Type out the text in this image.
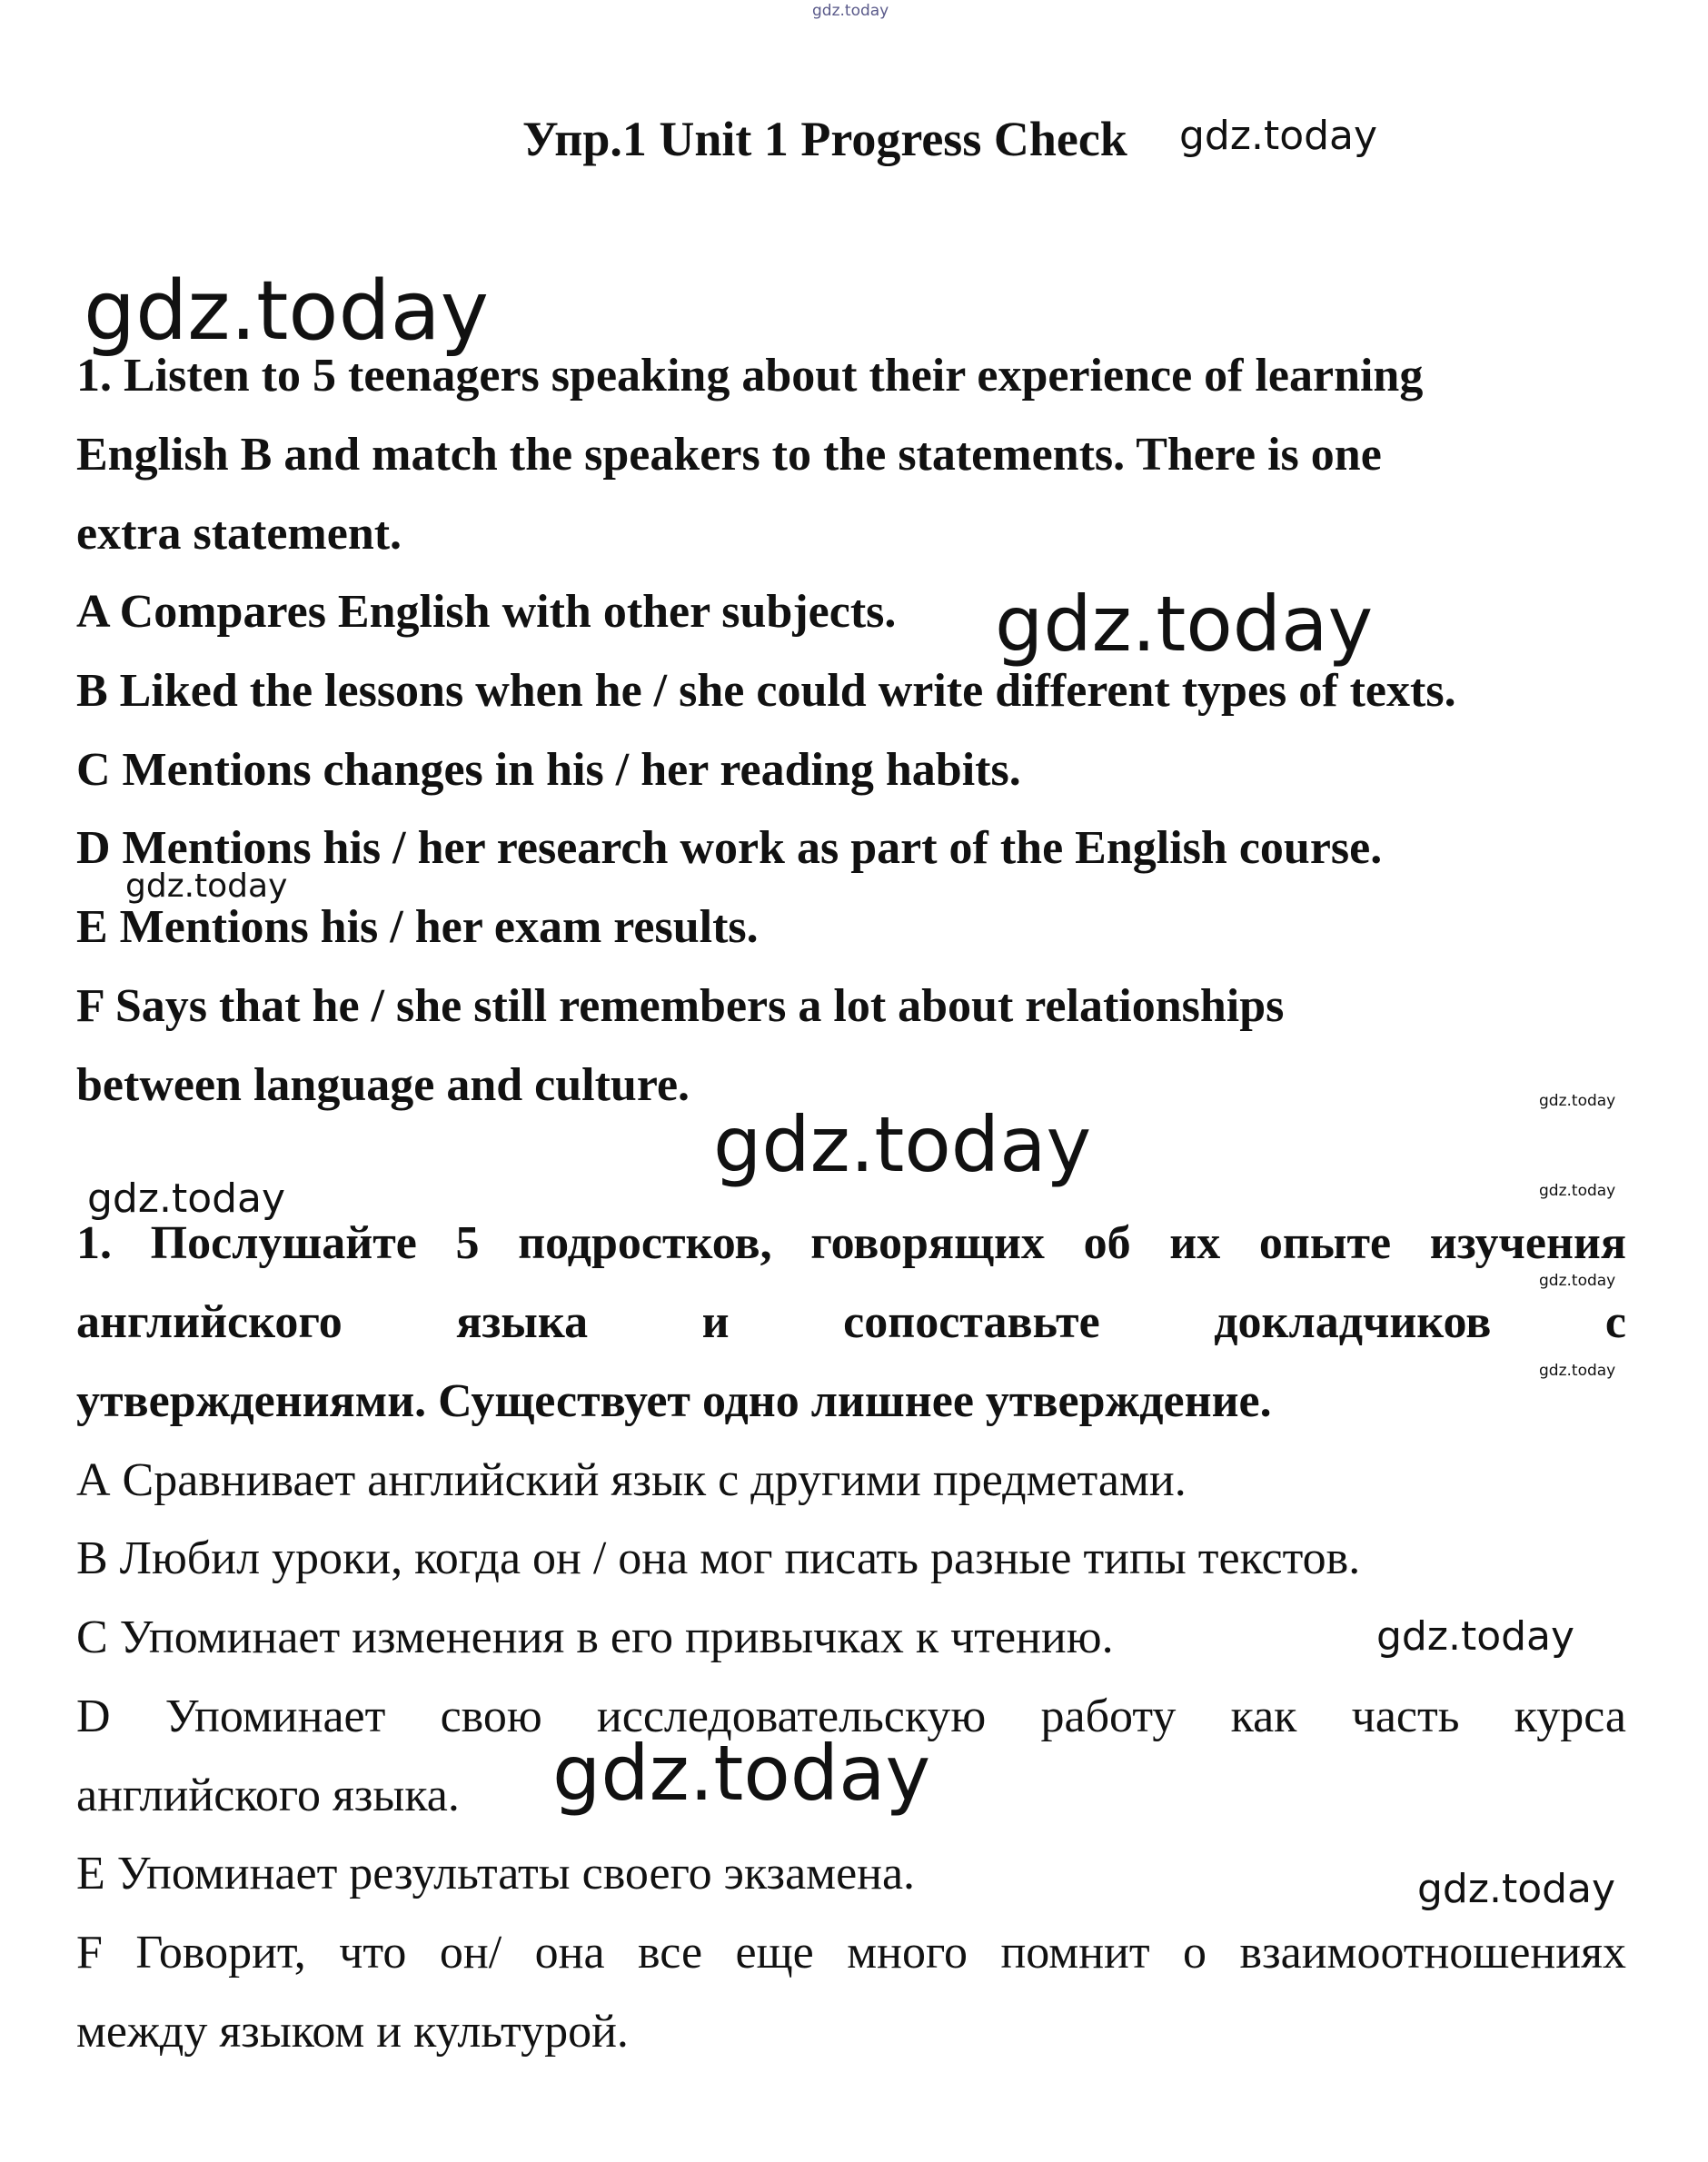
gdz.today
Упр.1 Unit 1 Progress Check gdz.today
gdz.today
1. Listen to 5 teenagers speaking about their experience of learning
English B and match the speakers to the statements. There is one
extra statement.
A Compares English with other subjects. gdz.today
B Liked the lessons when he / she could write different types of texts.
C Mentions changes in his / her reading habits.
D Mentions his / her research work as part of the English course.
gdz.today
E Mentions his / her exam results.
F Says that he / she still remembers a lot about relationships
between language and culture.	gdz.today
gdz.today
gdz.today
gdz.today
gdz.today
gdz.today
1. Послушайте 5 подростков, говорящих об их опыте изучения
английского языка и сопоставьте докладчиков с
утверждениями. Существует одно лишнее утверждение.
А Сравнивает английский язык с другими предметами.
В Любил уроки, когда он / она мог писать разные типы текстов.
С Упоминает изменения в его привычках к чтению.	gdz.today
D Упоминает свою исследовательскую работу как часть курса
английского языка. gdz.today
Е Упоминает результаты своего экзамена.	gdz.today
F Говорит, что он/ она все еще много помнит о взаимоотношениях
между языком и культурой.
